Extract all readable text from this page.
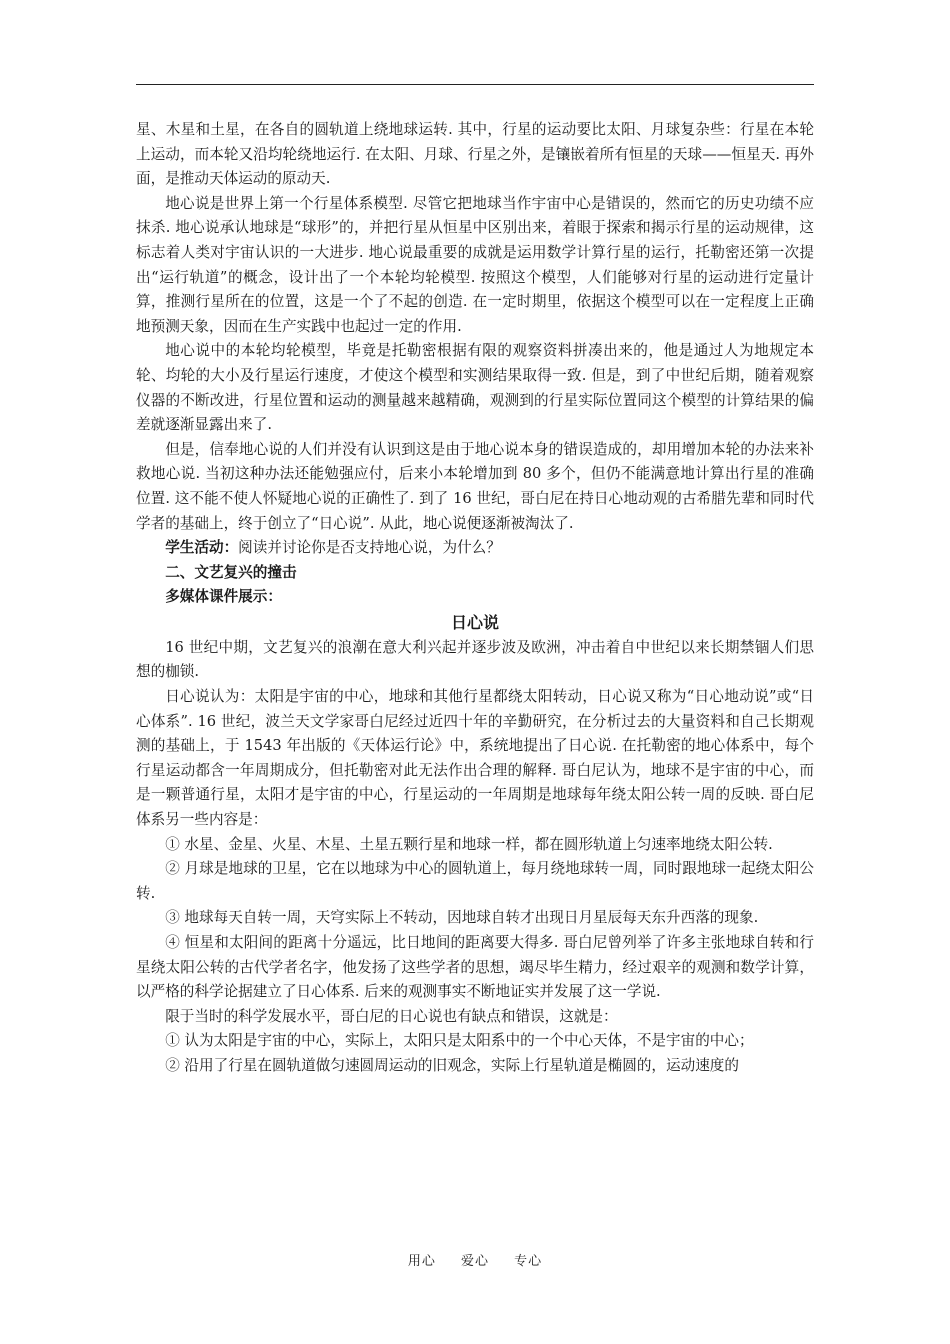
星、木星和土星，在各自的圆轨道上绕地球运转. 其中，行星的运动要比太阳、月球复杂些：行星在本轮上运动，而本轮又沿均轮绕地运行. 在太阳、月球、行星之外，是镶嵌着所有恒星的天球——恒星天. 再外面，是推动天体运动的原动天.

地心说是世界上第一个行星体系模型. 尽管它把地球当作宇宙中心是错误的，然而它的历史功绩不应抹杀. 地心说承认地球是“球形”的，并把行星从恒星中区别出来，着眼于探索和揭示行星的运动规律，这标志着人类对宇宙认识的一大进步. 地心说最重要的成就是运用数学计算行星的运行，托勒密还第一次提出“运行轨道”的概念，设计出了一个本轮均轮模型. 按照这个模型，人们能够对行星的运动进行定量计算，推测行星所在的位置，这是一个了不起的创造. 在一定时期里，依据这个模型可以在一定程度上正确地预测天象，因而在生产实践中也起过一定的作用.

地心说中的本轮均轮模型，毕竟是托勒密根据有限的观察资料拼凑出来的，他是通过人为地规定本轮、均轮的大小及行星运行速度，才使这个模型和实测结果取得一致. 但是，到了中世纪后期，随着观察仪器的不断改进，行星位置和运动的测量越来越精确，观测到的行星实际位置同这个模型的计算结果的偏差就逐渐显露出来了.

但是，信奉地心说的人们并没有认识到这是由于地心说本身的错误造成的，却用增加本轮的办法来补救地心说. 当初这种办法还能勉强应付，后来小本轮增加到 80 多个，但仍不能满意地计算出行星的准确位置. 这不能不使人怀疑地心说的正确性了. 到了 16 世纪，哥白尼在持日心地动观的古希腊先辈和同时代学者的基础上，终于创立了“日心说”. 从此，地心说便逐渐被淘汰了.

学生活动：阅读并讨论你是否支持地心说，为什么？

二、文艺复兴的撞击

多媒体课件展示：

日心说

16 世纪中期，文艺复兴的浪潮在意大利兴起并逐步波及欧洲，冲击着自中世纪以来长期禁锢人们思想的枷锁.

日心说认为：太阳是宇宙的中心，地球和其他行星都绕太阳转动，日心说又称为“日心地动说”或“日心体系”. 16 世纪，波兰天文学家哥白尼经过近四十年的辛勤研究，在分析过去的大量资料和自己长期观测的基础上，于 1543 年出版的《天体运行论》中，系统地提出了日心说. 在托勒密的地心体系中，每个行星运动都含一年周期成分，但托勒密对此无法作出合理的解释. 哥白尼认为，地球不是宇宙的中心，而是一颗普通行星，太阳才是宇宙的中心，行星运动的一年周期是地球每年绕太阳公转一周的反映. 哥白尼体系另一些内容是：

① 水星、金星、火星、木星、土星五颗行星和地球一样，都在圆形轨道上匀速率地绕太阳公转.

② 月球是地球的卫星，它在以地球为中心的圆轨道上，每月绕地球转一周，同时跟地球一起绕太阳公转.

③ 地球每天自转一周，天穹实际上不转动，因地球自转才出现日月星辰每天东升西落的现象.

④ 恒星和太阳间的距离十分遥远，比日地间的距离要大得多. 哥白尼曾列举了许多主张地球自转和行星绕太阳公转的古代学者名字，他发扬了这些学者的思想，竭尽毕生精力，经过艰辛的观测和数学计算，以严格的科学论据建立了日心体系. 后来的观测事实不断地证实并发展了这一学说.

限于当时的科学发展水平，哥白尼的日心说也有缺点和错误，这就是：

① 认为太阳是宇宙的中心，实际上，太阳只是太阳系中的一个中心天体，不是宇宙的中心；

② 沿用了行星在圆轨道做匀速圆周运动的旧观念，实际上行星轨道是椭圆的，运动速度的

用心 爱心 专心
